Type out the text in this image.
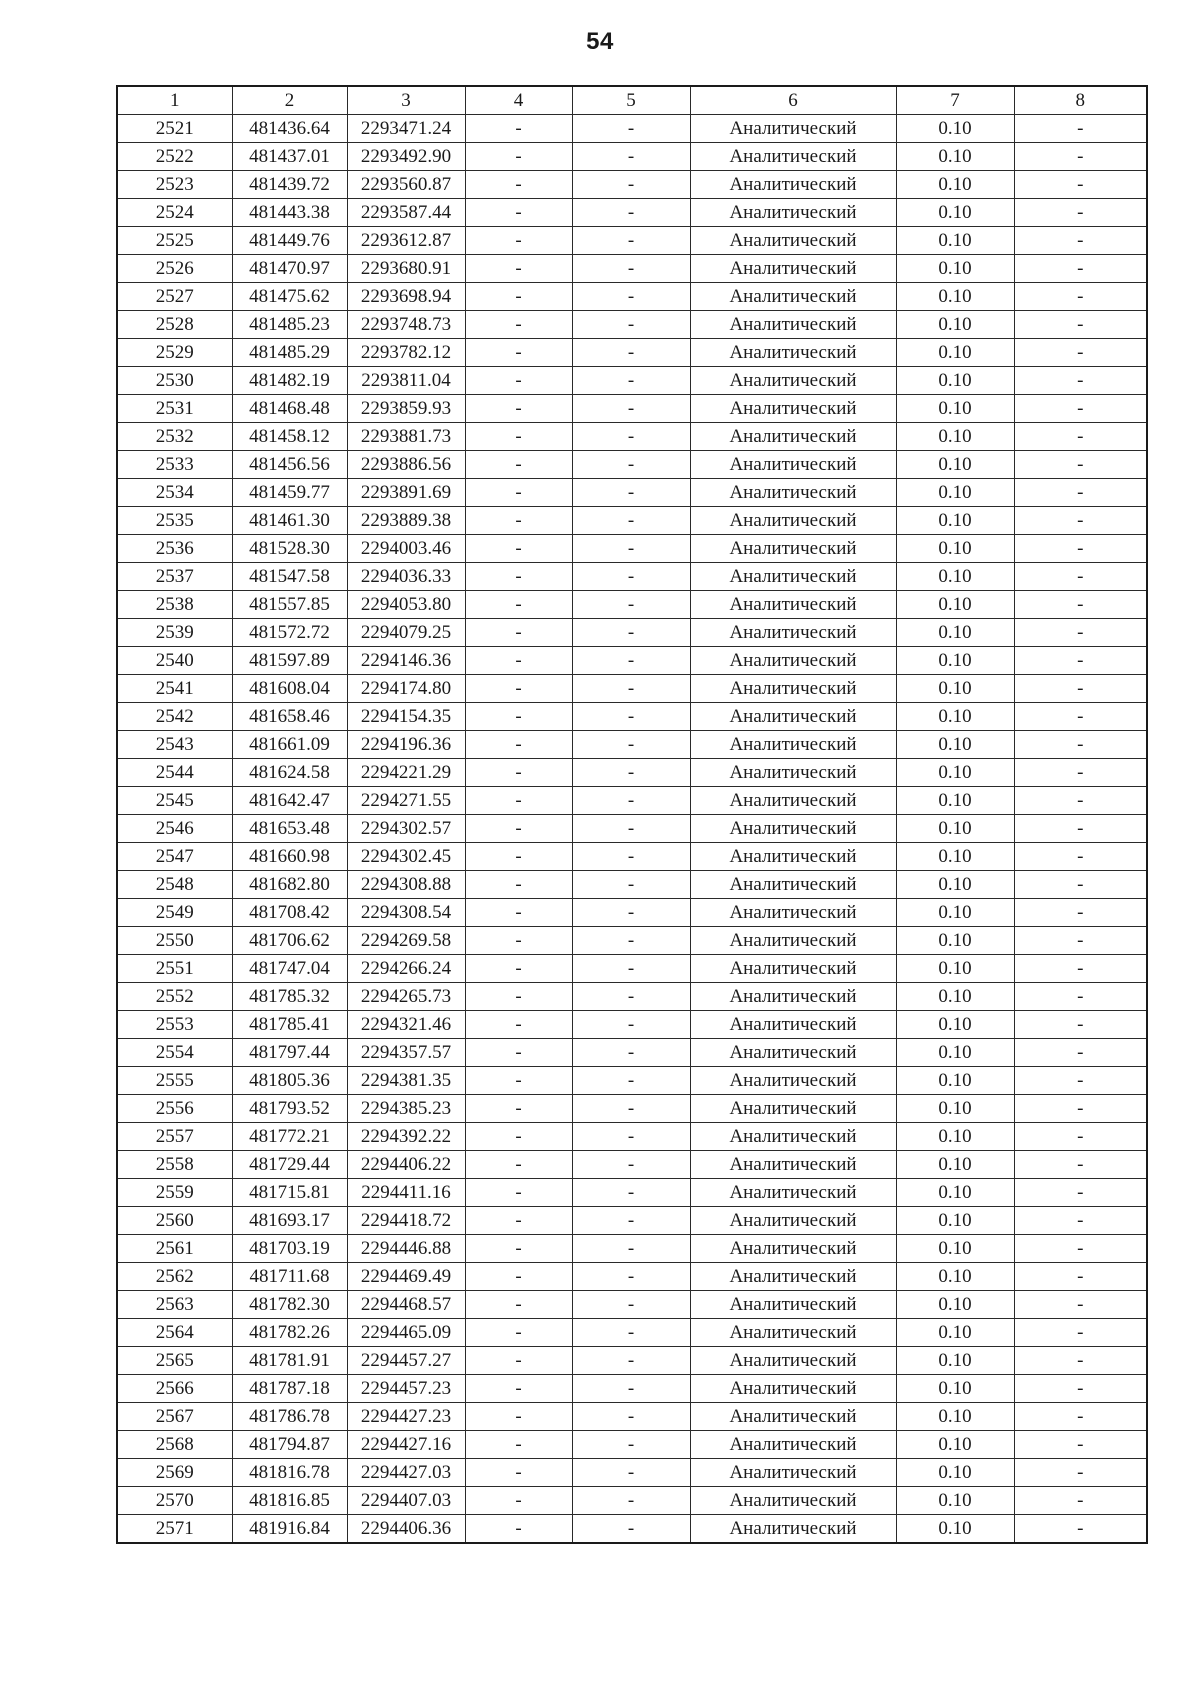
54
1	2	3	4	5	6	7	8
2521	481436.64	2293471.24	-	-	Аналитический	0.10	-
2522	481437.01	2293492.90	-	-	Аналитический	0.10	-
2523	481439.72	2293560.87	-	-	Аналитический	0.10	-
2524	481443.38	2293587.44	-	-	Аналитический	0.10	-
2525	481449.76	2293612.87	-	-	Аналитический	0.10	-
2526	481470.97	2293680.91	-	-	Аналитический	0.10	-
2527	481475.62	2293698.94	-	-	Аналитический	0.10	-
2528	481485.23	2293748.73	-	-	Аналитический	0.10	-
2529	481485.29	2293782.12	-	-	Аналитический	0.10	-
2530	481482.19	2293811.04	-	-	Аналитический	0.10	-
2531	481468.48	2293859.93	-	-	Аналитический	0.10	-
2532	481458.12	2293881.73	-	-	Аналитический	0.10	-
2533	481456.56	2293886.56	-	-	Аналитический	0.10	-
2534	481459.77	2293891.69	-	-	Аналитический	0.10	-
2535	481461.30	2293889.38	-	-	Аналитический	0.10	-
2536	481528.30	2294003.46	-	-	Аналитический	0.10	-
2537	481547.58	2294036.33	-	-	Аналитический	0.10	-
2538	481557.85	2294053.80	-	-	Аналитический	0.10	-
2539	481572.72	2294079.25	-	-	Аналитический	0.10	-
2540	481597.89	2294146.36	-	-	Аналитический	0.10	-
2541	481608.04	2294174.80	-	-	Аналитический	0.10	-
2542	481658.46	2294154.35	-	-	Аналитический	0.10	-
2543	481661.09	2294196.36	-	-	Аналитический	0.10	-
2544	481624.58	2294221.29	-	-	Аналитический	0.10	-
2545	481642.47	2294271.55	-	-	Аналитический	0.10	-
2546	481653.48	2294302.57	-	-	Аналитический	0.10	-
2547	481660.98	2294302.45	-	-	Аналитический	0.10	-
2548	481682.80	2294308.88	-	-	Аналитический	0.10	-
2549	481708.42	2294308.54	-	-	Аналитический	0.10	-
2550	481706.62	2294269.58	-	-	Аналитический	0.10	-
2551	481747.04	2294266.24	-	-	Аналитический	0.10	-
2552	481785.32	2294265.73	-	-	Аналитический	0.10	-
2553	481785.41	2294321.46	-	-	Аналитический	0.10	-
2554	481797.44	2294357.57	-	-	Аналитический	0.10	-
2555	481805.36	2294381.35	-	-	Аналитический	0.10	-
2556	481793.52	2294385.23	-	-	Аналитический	0.10	-
2557	481772.21	2294392.22	-	-	Аналитический	0.10	-
2558	481729.44	2294406.22	-	-	Аналитический	0.10	-
2559	481715.81	2294411.16	-	-	Аналитический	0.10	-
2560	481693.17	2294418.72	-	-	Аналитический	0.10	-
2561	481703.19	2294446.88	-	-	Аналитический	0.10	-
2562	481711.68	2294469.49	-	-	Аналитический	0.10	-
2563	481782.30	2294468.57	-	-	Аналитический	0.10	-
2564	481782.26	2294465.09	-	-	Аналитический	0.10	-
2565	481781.91	2294457.27	-	-	Аналитический	0.10	-
2566	481787.18	2294457.23	-	-	Аналитический	0.10	-
2567	481786.78	2294427.23	-	-	Аналитический	0.10	-
2568	481794.87	2294427.16	-	-	Аналитический	0.10	-
2569	481816.78	2294427.03	-	-	Аналитический	0.10	-
2570	481816.85	2294407.03	-	-	Аналитический	0.10	-
2571	481916.84	2294406.36	-	-	Аналитический	0.10	-
